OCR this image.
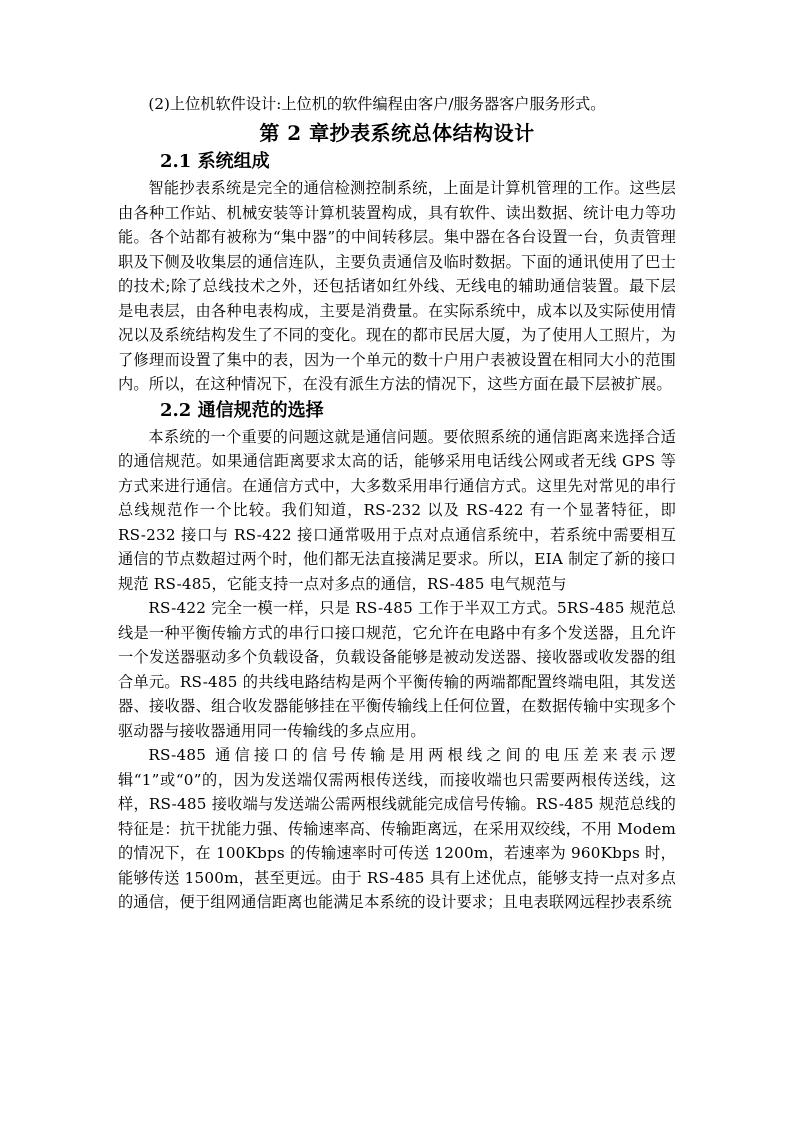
(2)上位机软件设计:上位机的软件编程由客户/服务器客户服务形式。

第 2 章抄表系统总体结构设计
2.1 系统组成

智能抄表系统是完全的通信检测控制系统，上面是计算机管理的工作。这些层由各种工作站、机械安装等计算机装置构成，具有软件、读出数据、统计电力等功能。各个站都有被称为“集中器”的中间转移层。集中器在各台设置一台，负责管理职及下侧及收集层的通信连队，主要负责通信及临时数据。下面的通讯使用了巴士的技术;除了总线技术之外，还包括诸如红外线、无线电的辅助通信装置。最下层是电表层，由各种电表构成，主要是消费量。在实际系统中，成本以及实际使用情况以及系统结构发生了不同的变化。现在的都市民居大厦，为了使用人工照片，为了修理而设置了集中的表，因为一个单元的数十户用户表被设置在相同大小的范围内。所以，在这种情况下，在没有派生方法的情况下，这些方面在最下层被扩展。

2.2 通信规范的选择

本系统的一个重要的问题这就是通信问题。要依照系统的通信距离来选择合适的通信规范。如果通信距离要求太高的话，能够采用电话线公网或者无线 GPS 等方式来进行通信。在通信方式中，大多数采用串行通信方式。这里先对常见的串行总线规范作一个比较。我们知道，RS-232 以及 RS-422 有一个显著特征，即 RS-232 接口与 RS-422 接口通常吸用于点对点通信系统中，若系统中需要相互通信的节点数超过两个时，他们都无法直接满足要求。所以，EIA 制定了新的接口规范 RS-485，它能支持一点对多点的通信，RS-485 电气规范与

RS-422 完全一模一样，只是 RS-485 工作于半双工方式。5RS-485 规范总线是一种平衡传输方式的串行口接口规范，它允许在电路中有多个发送器，且允许一个发送器驱动多个负载设备，负载设备能够是被动发送器、接收器或收发器的组合单元。RS-485 的共线电路结构是两个平衡传输的两端都配置终端电阻，其发送器、接收器、组合收发器能够挂在平衡传输线上任何位置，在数据传输中实现多个驱动器与接收器通用同一传输线的多点应用。

RS-485 通信接口的信号传输是用两根线之间的电压差来表示逻辑“1”或“0”的，因为发送端仅需两根传送线，而接收端也只需要两根传送线，这样，RS-485 接收端与发送端公需两根线就能完成信号传输。RS-485 规范总线的特征是：抗干扰能力强、传输速率高、传输距离远，在采用双绞线，不用 Modem 的情况下，在 100Kbps 的传输速率时可传送 1200m，若速率为 960Kbps 时，能够传送 1500m，甚至更远。由于 RS-485 具有上述优点，能够支持一点对多点的通信，便于组网通信距离也能满足本系统的设计要求；且电表联网远程抄表系统
